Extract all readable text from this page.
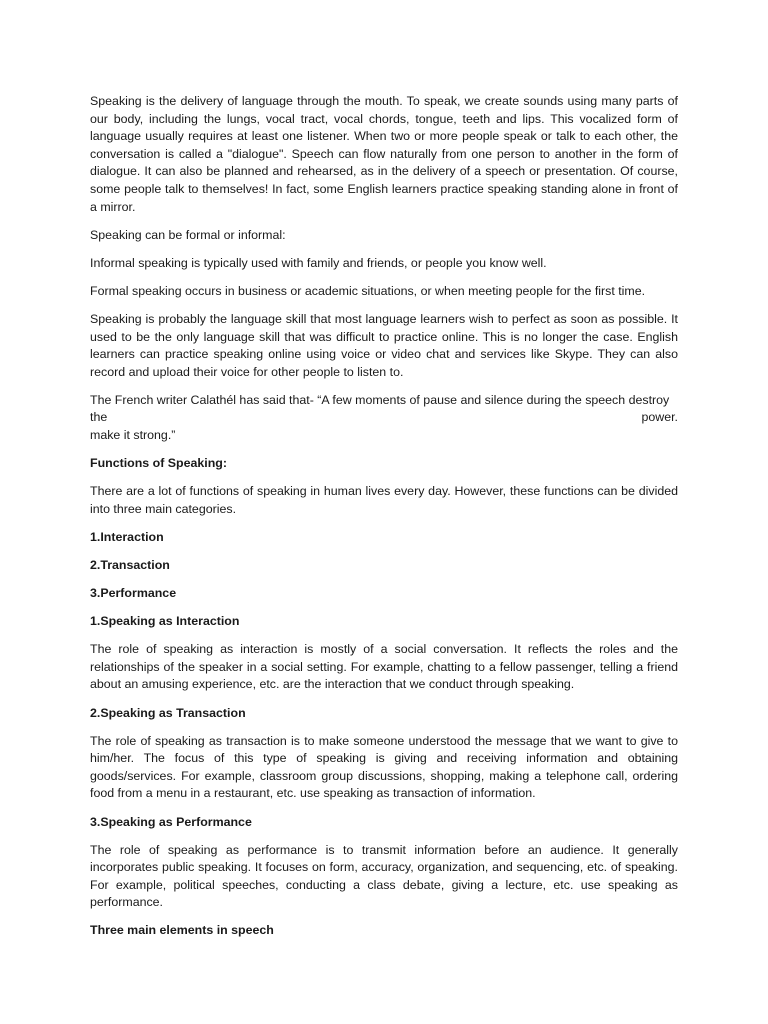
Speaking is the delivery of language through the mouth. To speak, we create sounds using many parts of our body, including the lungs, vocal tract, vocal chords, tongue, teeth and lips. This vocalized form of language usually requires at least one listener. When two or more people speak or talk to each other, the conversation is called a "dialogue". Speech can flow naturally from one person to another in the form of dialogue. It can also be planned and rehearsed, as in the delivery of a speech or presentation. Of course, some people talk to themselves! In fact, some English learners practice speaking standing alone in front of a mirror.

Speaking can be formal or informal:

Informal speaking is typically used with family and friends, or people you know well.

Formal speaking occurs in business or academic situations, or when meeting people for the first time.

Speaking is probably the language skill that most language learners wish to perfect as soon as possible. It used to be the only language skill that was difficult to practice online. This is no longer the case. English learners can practice speaking online using voice or video chat and services like Skype. They can also record and upload their voice for other people to listen to.

The French writer Calathél has said that- “A few moments of pause and silence during the speech destroy
the	power.
make it strong.”

Functions of Speaking:

There are a lot of functions of speaking in human lives every day. However, these functions can be divided into three main categories.

1.Interaction

2.Transaction

3.Performance

1.Speaking as Interaction

The role of speaking as interaction is mostly of a social conversation. It reflects the roles and the relationships of the speaker in a social setting. For example, chatting to a fellow passenger, telling a friend about an amusing experience, etc. are the interaction that we conduct through speaking.

2.Speaking as Transaction

The role of speaking as transaction is to make someone understood the message that we want to give to him/her. The focus of this type of speaking is giving and receiving information and obtaining goods/services. For example, classroom group discussions, shopping, making a telephone call, ordering food from a menu in a restaurant, etc. use speaking as transaction of information.

3.Speaking as Performance

The role of speaking as performance is to transmit information before an audience. It generally incorporates public speaking. It focuses on form, accuracy, organization, and sequencing, etc. of speaking. For example, political speeches, conducting a class debate, giving a lecture, etc. use speaking as performance.

Three main elements in speech
